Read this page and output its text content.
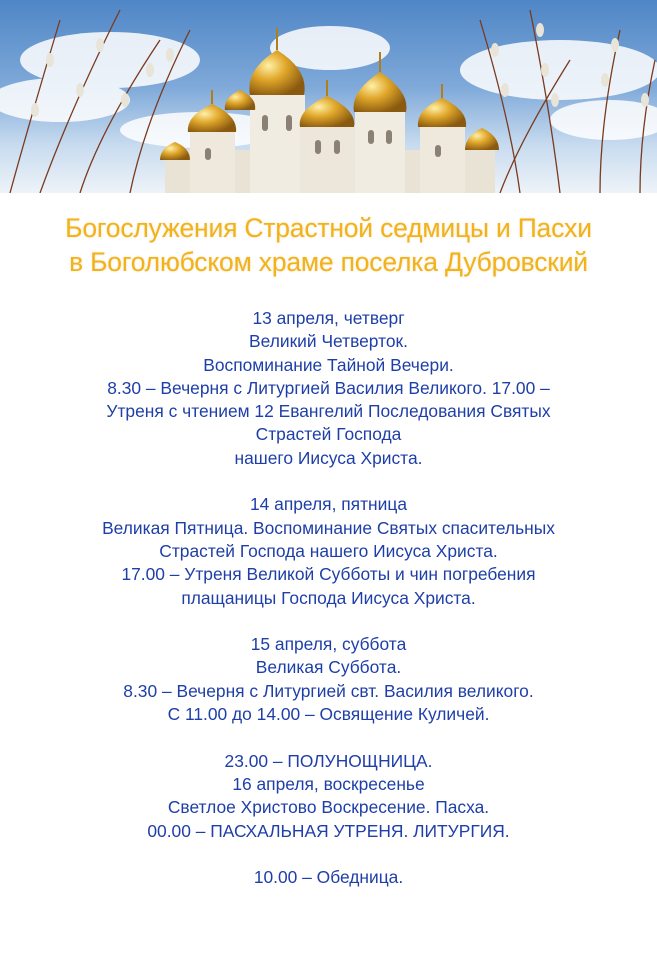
Богослужения Страстной седмицы и Пасхи
в Боголюбском храме поселка Дубровский
13 апреля, четверг
Великий Четверток.
Воспоминание Тайной Вечери.
8.30 – Вечерня с Литургией Василия Великого. 17.00 –
Утреня с чтением 12 Евангелий Последования Святых
Страстей Господа
нашего Иисуса Христа.
14 апреля, пятница
Великая Пятница. Воспоминание Святых спасительных
Страстей Господа нашего Иисуса Христа.
17.00 – Утреня Великой Субботы и чин погребения
плащаницы Господа Иисуса Христа.
15 апреля, суббота
Великая Суббота.
8.30 – Вечерня с Литургией свт. Василия великого.
С 11.00 до 14.00 – Освящение Куличей.
23.00 – ПОЛУНОЩНИЦА.
16 апреля, воскресенье
Светлое Христово Воскресение. Пасха.
00.00 – ПАСХАЛЬНАЯ УТРЕНЯ. ЛИТУРГИЯ.
10.00 – Обедница.
